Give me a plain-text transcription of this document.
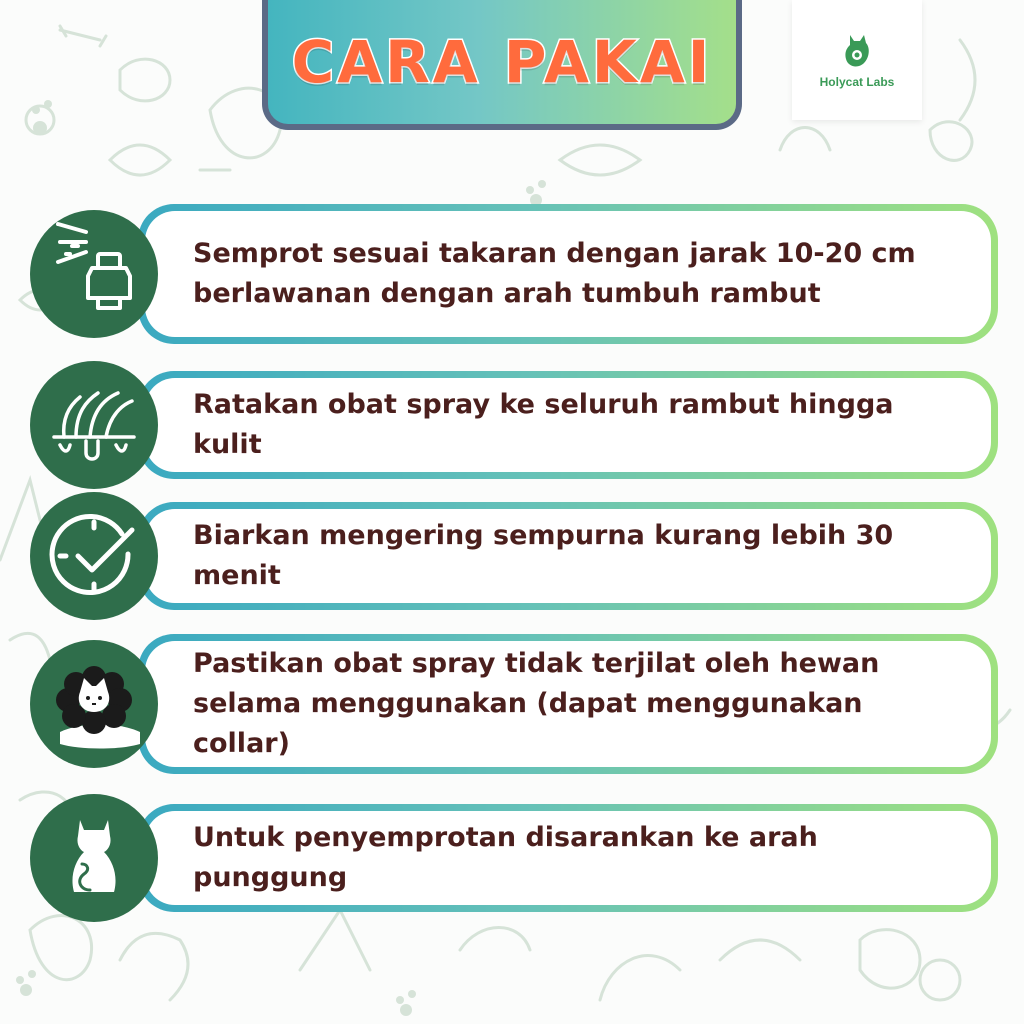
CARA PAKAI	Holycat Labs
Semprot sesuai takaran dengan jarak 10-20 cm berlawanan dengan arah tumbuh rambut
Ratakan obat spray ke seluruh rambut hingga kulit
Biarkan mengering sempurna kurang lebih 30 menit
Pastikan obat spray tidak terjilat oleh hewan selama menggunakan (dapat menggunakan collar)
Untuk penyemprotan disarankan ke arah punggung
